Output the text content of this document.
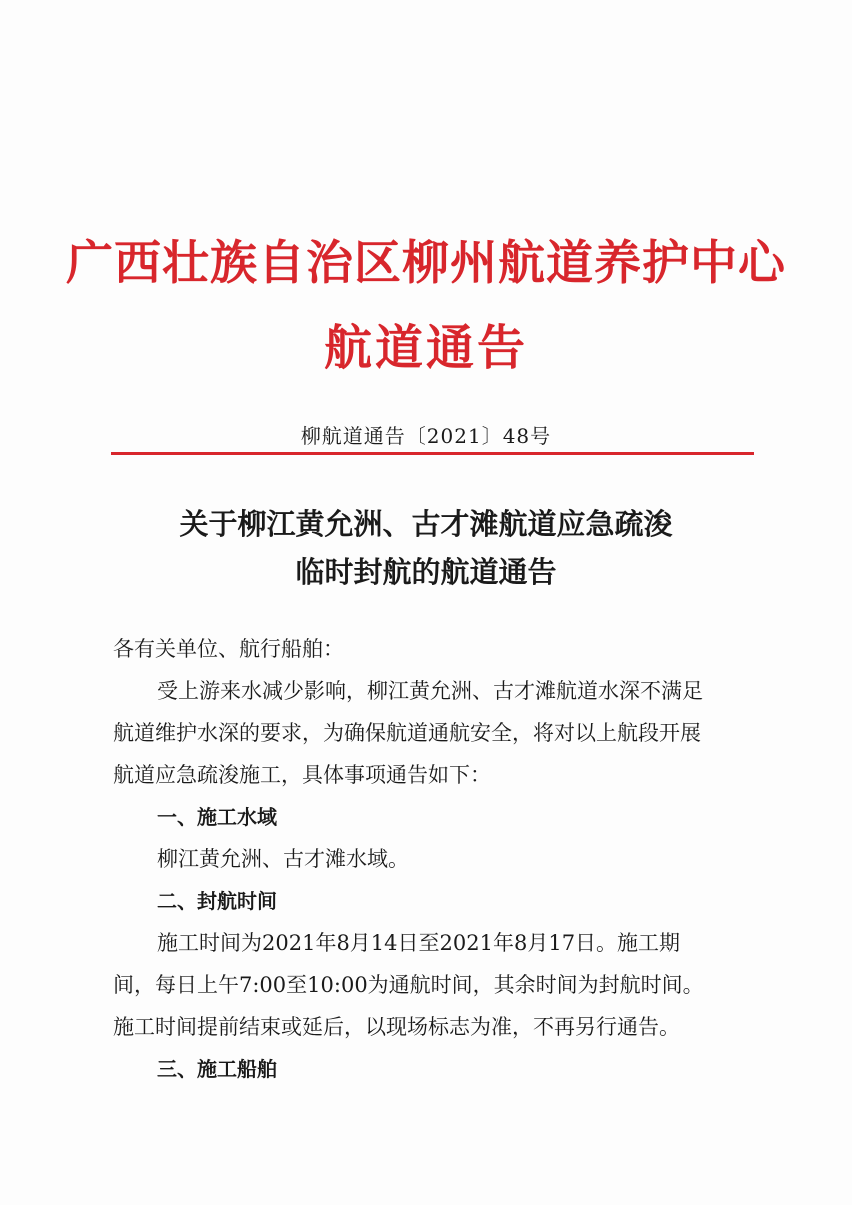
广西壮族自治区柳州航道养护中心
航道通告
柳航道通告〔2021〕48号
关于柳江黄允洲、古才滩航道应急疏浚
临时封航的航道通告
各有关单位、航行船舶：
受上游来水减少影响，柳江黄允洲、古才滩航道水深不满足
航道维护水深的要求，为确保航道通航安全，将对以上航段开展
航道应急疏浚施工，具体事项通告如下：
一、施工水域
柳江黄允洲、古才滩水域。
二、封航时间
施工时间为2021年8月14日至2021年8月17日。施工期
间，每日上午7:00至10:00为通航时间，其余时间为封航时间。
施工时间提前结束或延后，以现场标志为准，不再另行通告。
三、施工船舶
